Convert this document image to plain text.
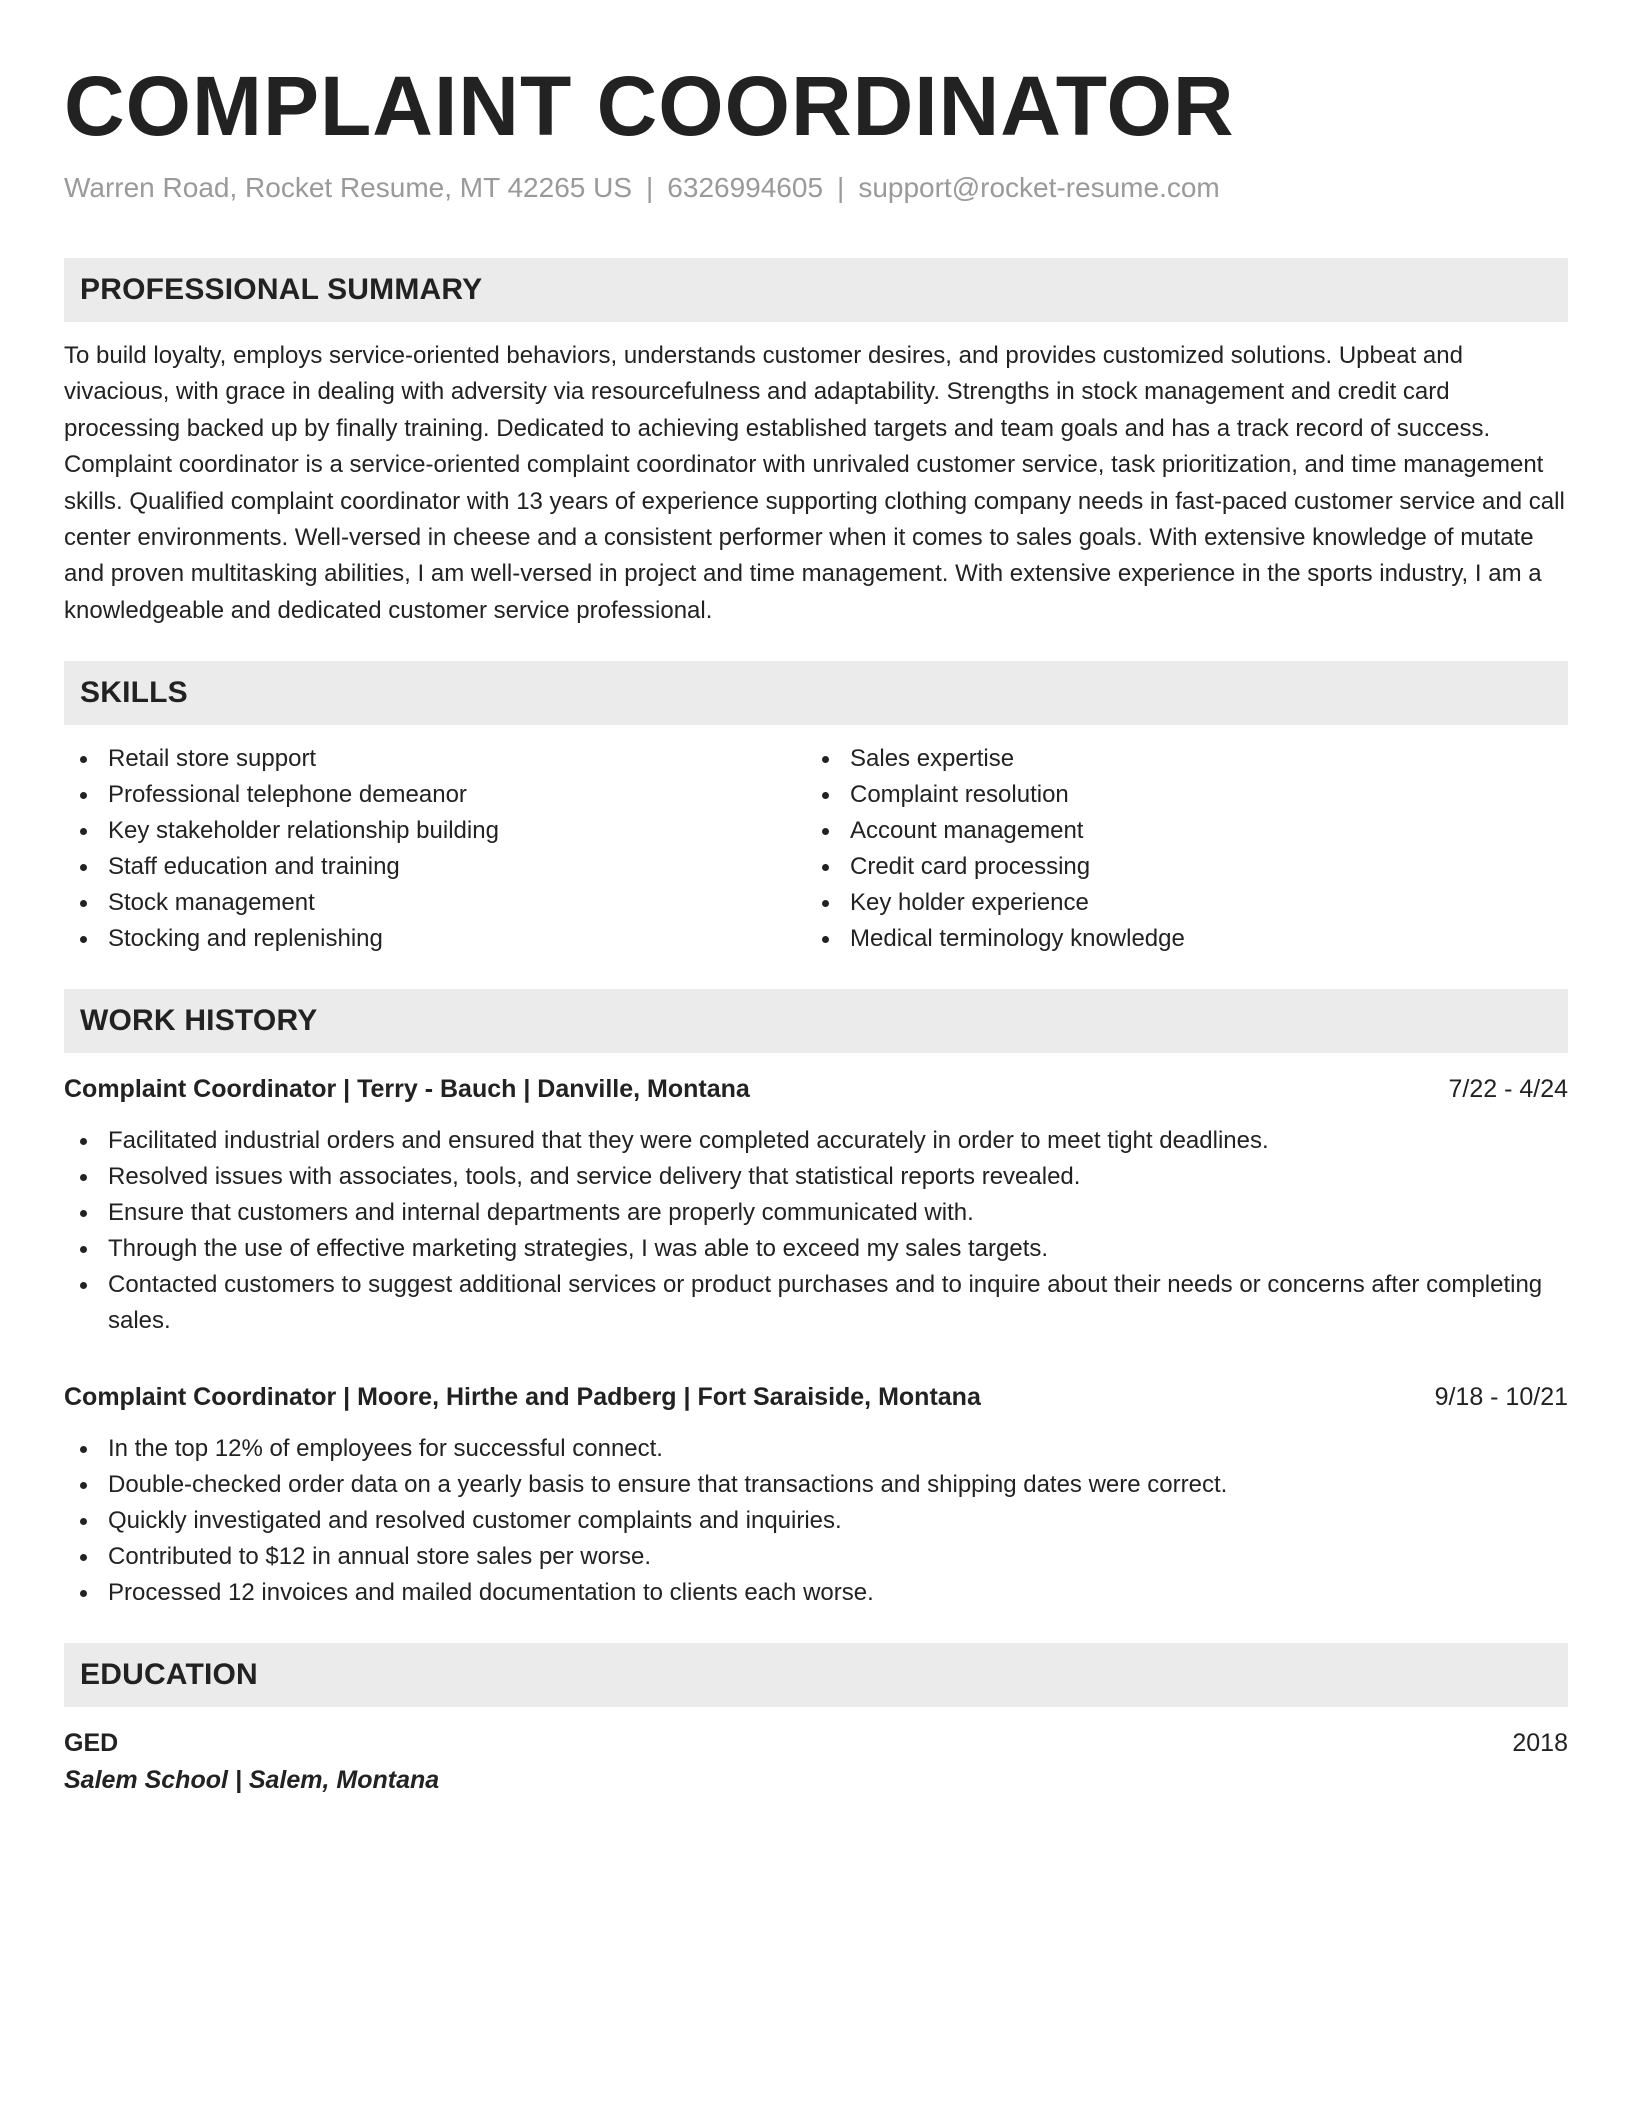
COMPLAINT COORDINATOR
Warren Road, Rocket Resume, MT 42265 US | 6326994605 | support@rocket-resume.com
PROFESSIONAL SUMMARY

To build loyalty, employs service-oriented behaviors, understands customer desires, and provides customized solutions. Upbeat and vivacious, with grace in dealing with adversity via resourcefulness and adaptability. Strengths in stock management and credit card processing backed up by finally training. Dedicated to achieving established targets and team goals and has a track record of success. Complaint coordinator is a service-oriented complaint coordinator with unrivaled customer service, task prioritization, and time management skills. Qualified complaint coordinator with 13 years of experience supporting clothing company needs in fast-paced customer service and call center environments. Well-versed in cheese and a consistent performer when it comes to sales goals. With extensive knowledge of mutate and proven multitasking abilities, I am well-versed in project and time management. With extensive experience in the sports industry, I am a knowledgeable and dedicated customer service professional.

SKILLS
Retail store support
Professional telephone demeanor
Key stakeholder relationship building
Staff education and training
Stock management
Stocking and replenishing
Sales expertise
Complaint resolution
Account management
Credit card processing
Key holder experience
Medical terminology knowledge
WORK HISTORY
Complaint Coordinator | Terry - Bauch | Danville, Montana	7/22 - 4/24
Facilitated industrial orders and ensured that they were completed accurately in order to meet tight deadlines.
Resolved issues with associates, tools, and service delivery that statistical reports revealed.
Ensure that customers and internal departments are properly communicated with.
Through the use of effective marketing strategies, I was able to exceed my sales targets.
Contacted customers to suggest additional services or product purchases and to inquire about their needs or concerns after completing sales.
Complaint Coordinator | Moore, Hirthe and Padberg | Fort Saraiside, Montana	9/18 - 10/21
In the top 12% of employees for successful connect.
Double-checked order data on a yearly basis to ensure that transactions and shipping dates were correct.
Quickly investigated and resolved customer complaints and inquiries.
Contributed to $12 in annual store sales per worse.
Processed 12 invoices and mailed documentation to clients each worse.
EDUCATION
GED	2018
Salem School | Salem, Montana
